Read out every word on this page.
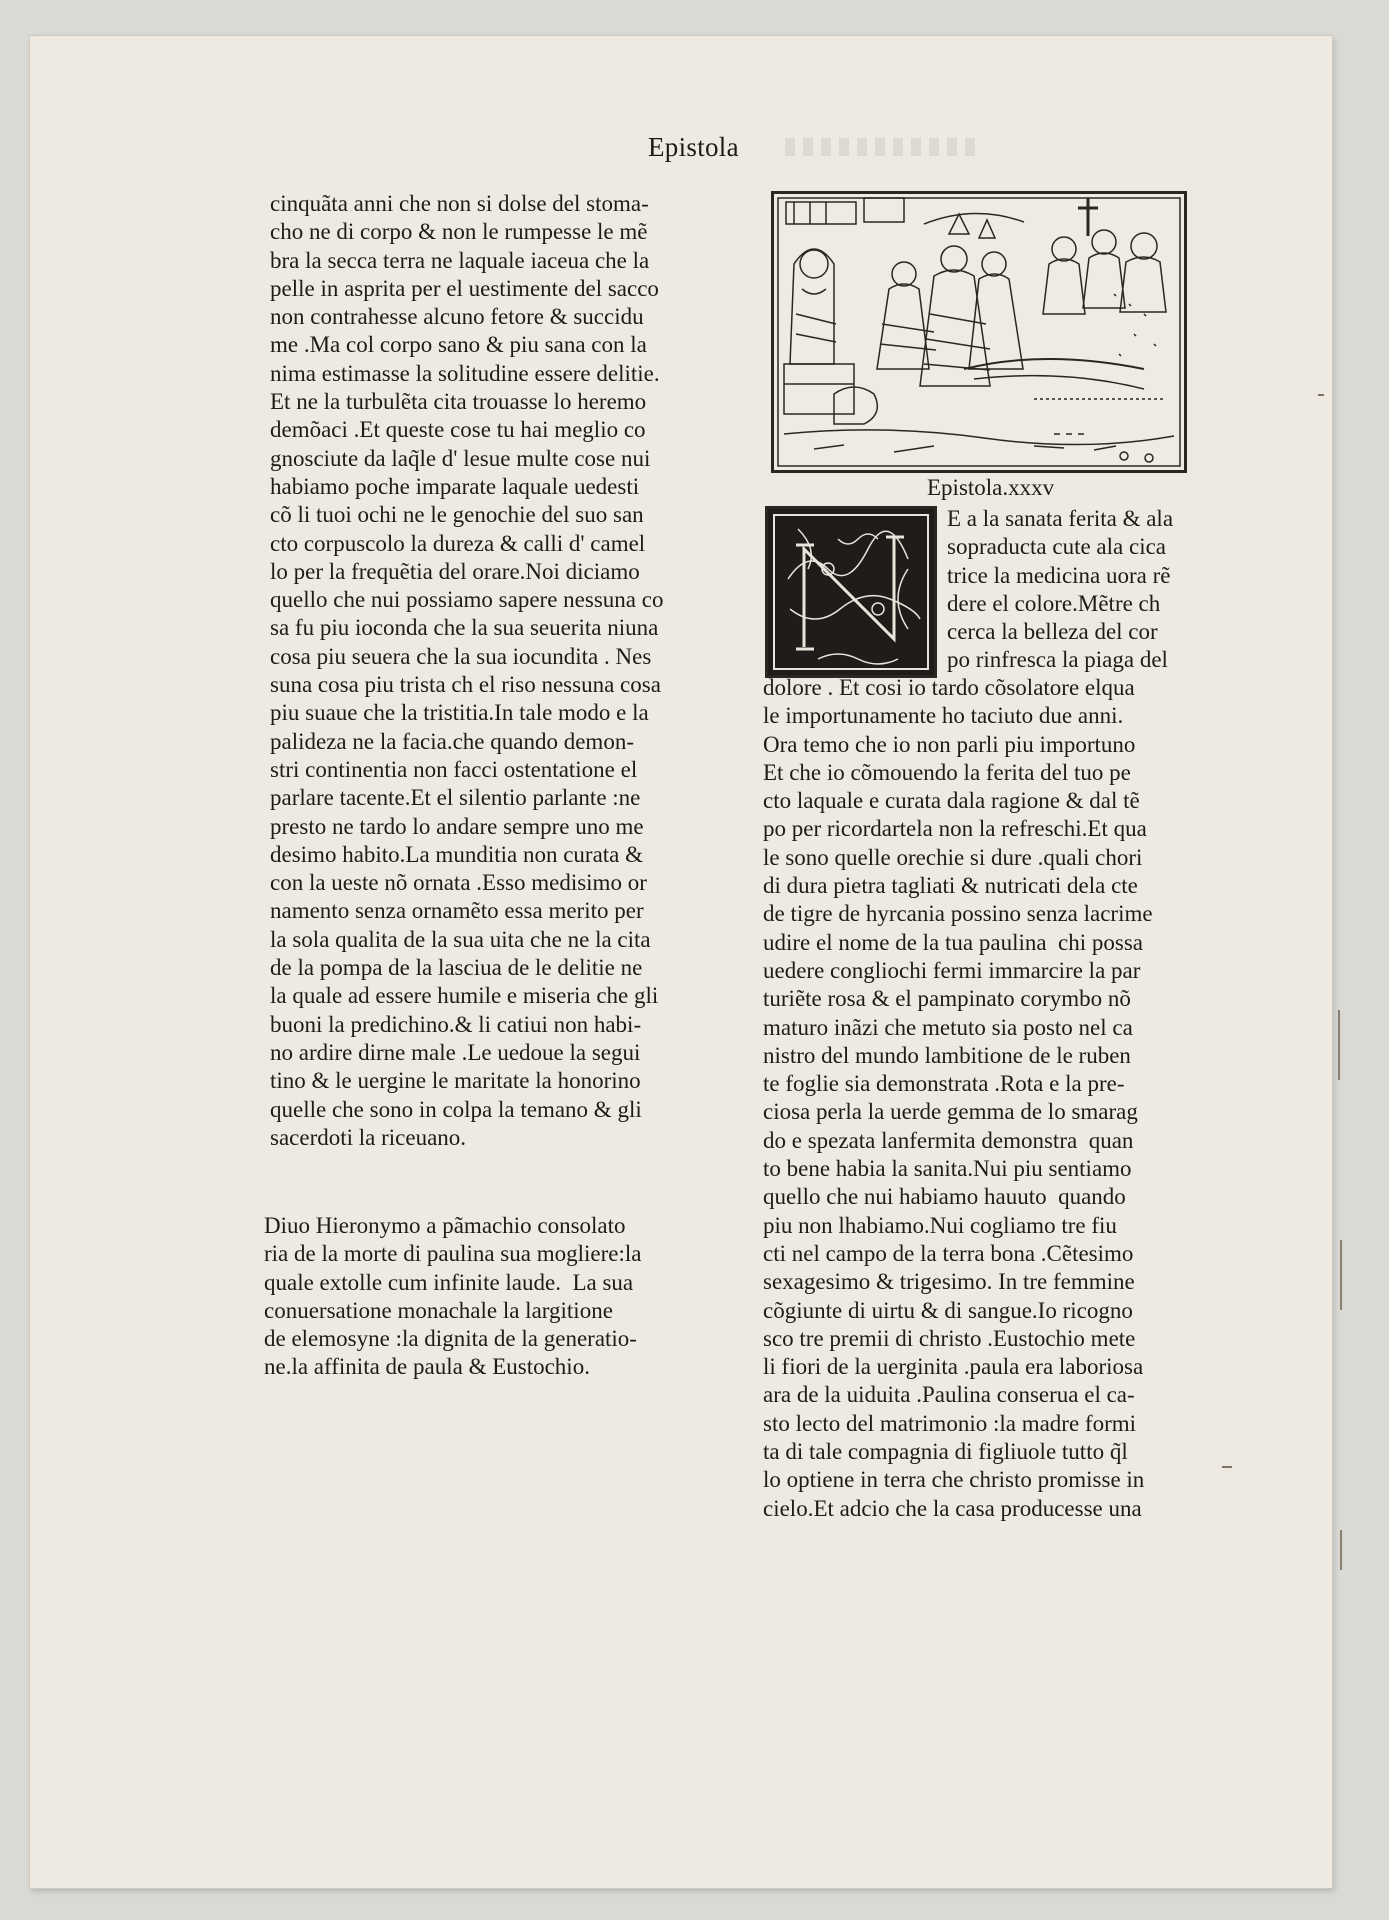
Epistola
cinquãta anni che non si dolse del stoma-
cho ne di corpo & non le rumpesse le mẽ
bra la secca terra ne laquale iaceua che la
pelle in asprita per el uestimente del sacco
non contrahesse alcuno fetore & succidu
me .Ma col corpo sano & piu sana con la
nima estimasse la solitudine essere delitie.
Et ne la turbulẽta cita trouasse lo heremo
demõaci .Et queste cose tu hai meglio co
gnosciute da laq̃le d' lesue multe cose nui
habiamo poche imparate laquale uedesti
cõ li tuoi ochi ne le genochie del suo san
cto corpuscolo la dureza & calli d' camel
lo per la frequẽtia del orare.Noi diciamo
quello che nui possiamo sapere nessuna co
sa fu piu ioconda che la sua seuerita niuna
cosa piu seuera che la sua iocundita . Nes
suna cosa piu trista ch el riso nessuna cosa
piu suaue che la tristitia.In tale modo e la
palideza ne la facia.che quando demon-
stri continentia non facci ostentatione el
parlare tacente.Et el silentio parlante :ne
presto ne tardo lo andare sempre uno me
desimo habito.La munditia non curata &
con la ueste nõ ornata .Esso medisimo or
namento senza ornamẽto essa merito per
la sola qualita de la sua uita che ne la cita
de la pompa de la lasciua de le delitie ne
la quale ad essere humile e miseria che gli
buoni la predichino.& li catiui non habi-
no ardire dirne male .Le uedoue la segui
tino & le uergine le maritate la honorino
quelle che sono in colpa la temano & gli
sacerdoti la riceuano.
Diuo Hieronymo a pãmachio consolato
ria de la morte di paulina sua mogliere:la
quale extolle cum infinite laude.  La sua
conuersatione monachale la largitione
de elemosyne :la dignita de la generatio-
ne.la affinita de paula & Eustochio.
Epistola.xxxv
E a la sanata ferita & ala
sopraducta cute ala cica
trice la medicina uora rẽ
dere el colore.Mẽtre ch
cerca la belleza del cor
po rinfresca la piaga del
dolore . Et cosi io tardo cõsolatore elqua
le importunamente ho taciuto due anni.
Ora temo che io non parli piu importuno
Et che io cõmouendo la ferita del tuo pe
cto laquale e curata dala ragione & dal tẽ
po per ricordartela non la refreschi.Et qua
le sono quelle orechie si dure .quali chori
di dura pietra tagliati & nutricati dela cte
de tigre de hyrcania possino senza lacrime
udire el nome de la tua paulina  chi possa
uedere congliochi fermi immarcire la par
turiẽte rosa & el pampinato corymbo nõ
maturo inãzi che metuto sia posto nel ca
nistro del mundo lambitione de le ruben
te foglie sia demonstrata .Rota e la pre-
ciosa perla la uerde gemma de lo smarag
do e spezata lanfermita demonstra  quan
to bene habia la sanita.Nui piu sentiamo
quello che nui habiamo hauuto  quando
piu non lhabiamo.Nui cogliamo tre fiu
cti nel campo de la terra bona .Cẽtesimo
sexagesimo & trigesimo. In tre femmine
cõgiunte di uirtu & di sangue.Io ricogno
sco tre premii di christo .Eustochio mete
li fiori de la uerginita .paula era laboriosa
ara de la uiduita .Paulina conserua el ca-
sto lecto del matrimonio :la madre formi
ta di tale compagnia di figliuole tutto q̃l
lo optiene in terra che christo promisse in
cielo.Et adcio che la casa producesse una
